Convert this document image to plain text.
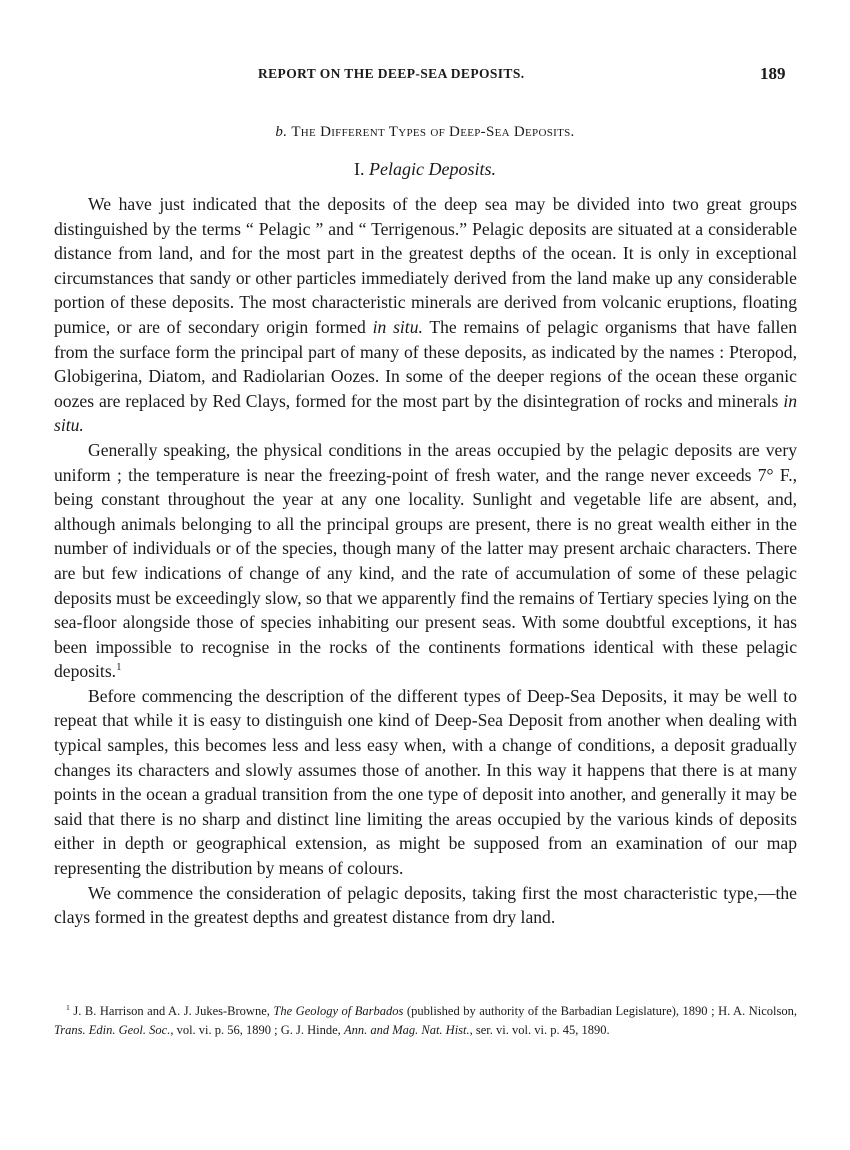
REPORT ON THE DEEP-SEA DEPOSITS.	189
b. The Different Types of Deep-Sea Deposits.
I. Pelagic Deposits.

We have just indicated that the deposits of the deep sea may be divided into two great groups distinguished by the terms “ Pelagic ” and “ Terrigenous.” Pelagic deposits are situated at a considerable distance from land, and for the most part in the greatest depths of the ocean. It is only in exceptional circumstances that sandy or other particles immediately derived from the land make up any considerable portion of these deposits. The most characteristic minerals are derived from volcanic eruptions, floating pumice, or are of secondary origin formed in situ. The remains of pelagic organisms that have fallen from the surface form the principal part of many of these deposits, as indicated by the names : Pteropod, Globigerina, Diatom, and Radiolarian Oozes. In some of the deeper regions of the ocean these organic oozes are replaced by Red Clays, formed for the most part by the disintegration of rocks and minerals in situ.

Generally speaking, the physical conditions in the areas occupied by the pelagic deposits are very uniform ; the temperature is near the freezing-point of fresh water, and the range never exceeds 7° F., being constant throughout the year at any one locality. Sunlight and vegetable life are absent, and, although animals belonging to all the principal groups are present, there is no great wealth either in the number of individuals or of the species, though many of the latter may present archaic characters. There are but few indications of change of any kind, and the rate of accumulation of some of these pelagic deposits must be exceedingly slow, so that we apparently find the remains of Tertiary species lying on the sea-floor alongside those of species inhabiting our present seas. With some doubtful exceptions, it has been impossible to recognise in the rocks of the continents formations identical with these pelagic deposits.$^1$

Before commencing the description of the different types of Deep-Sea Deposits, it may be well to repeat that while it is easy to distinguish one kind of Deep-Sea Deposit from another when dealing with typical samples, this becomes less and less easy when, with a change of conditions, a deposit gradually changes its characters and slowly assumes those of another. In this way it happens that there is at many points in the ocean a gradual transition from the one type of deposit into another, and generally it may be said that there is no sharp and distinct line limiting the areas occupied by the various kinds of deposits either in depth or geographical extension, as might be supposed from an examination of our map representing the distribution by means of colours.

We commence the consideration of pelagic deposits, taking first the most characteristic type,—the clays formed in the greatest depths and greatest distance from dry land.

$^1$ J. B. Harrison and A. J. Jukes-Browne, The Geology of Barbados (published by authority of the Barbadian Legislature), 1890 ; H. A. Nicolson, Trans. Edin. Geol. Soc., vol. vi. p. 56, 1890 ; G. J. Hinde, Ann. and Mag. Nat. Hist., ser. vi. vol. vi. p. 45, 1890.
